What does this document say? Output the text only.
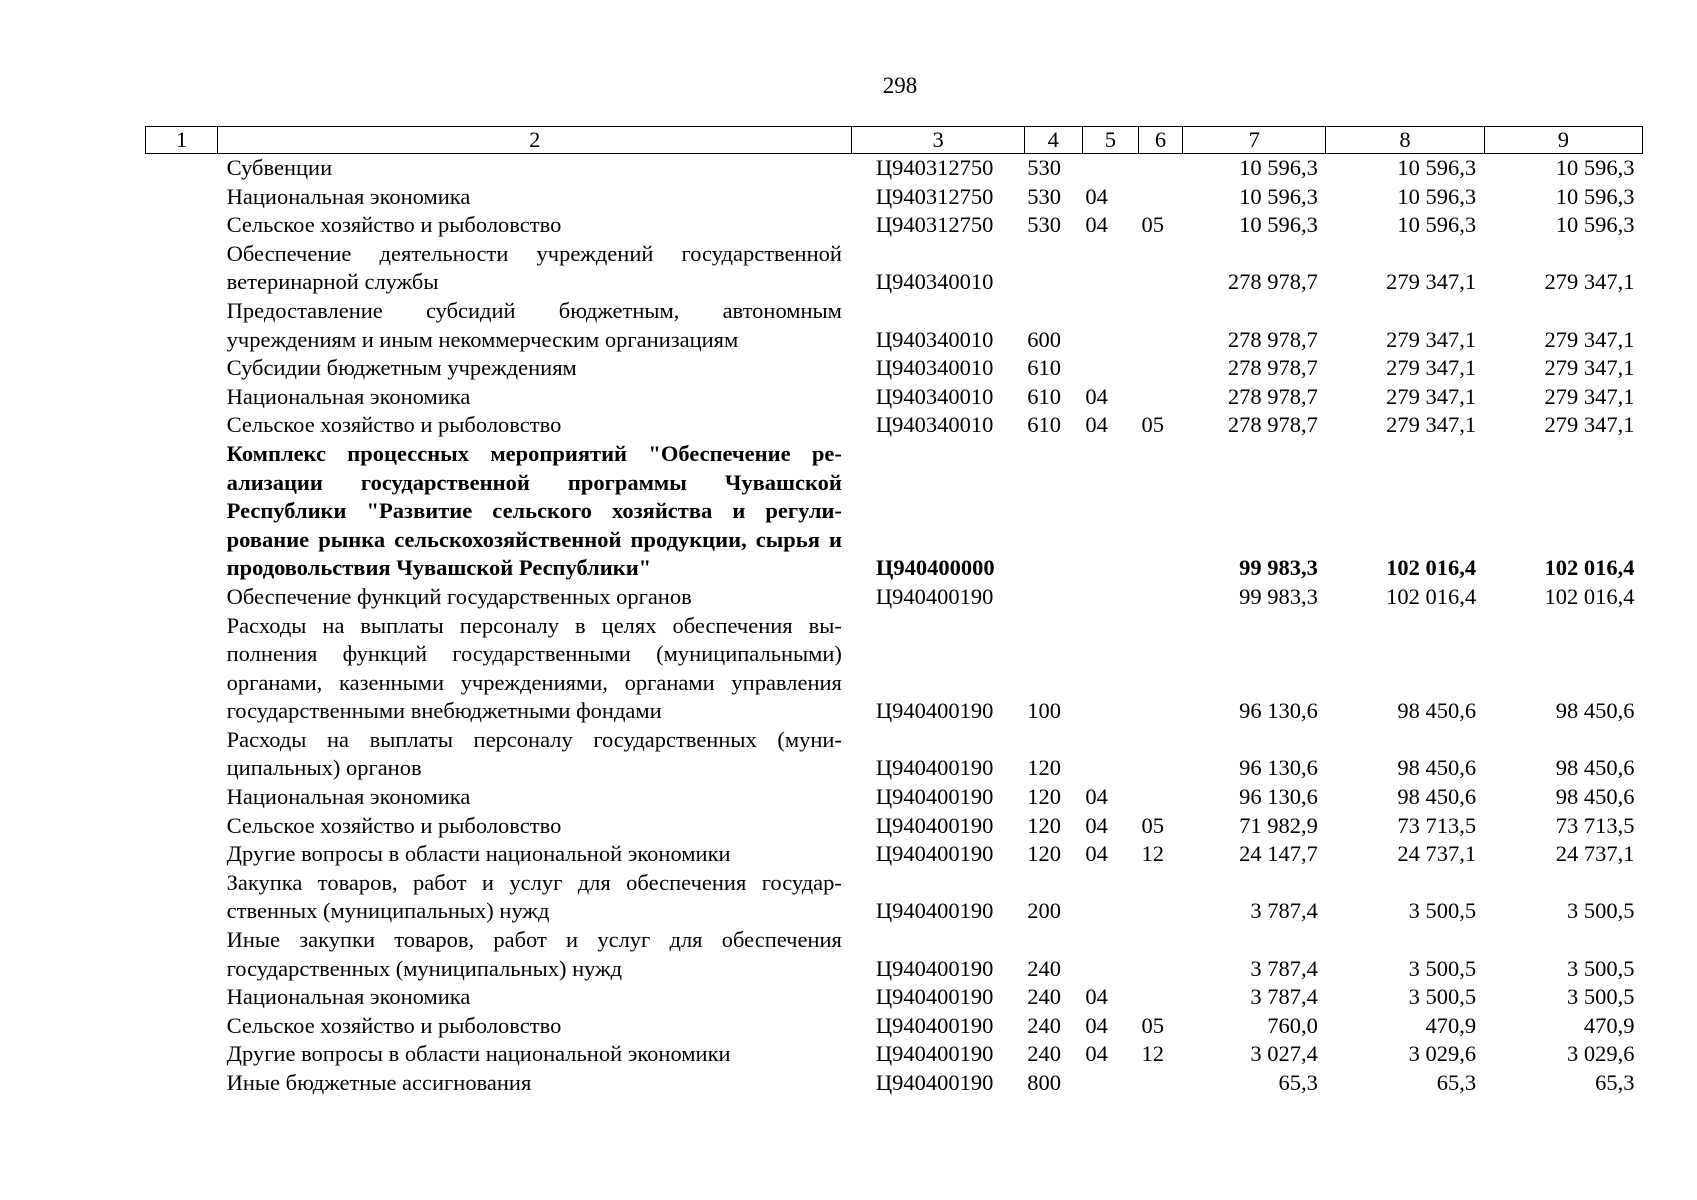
298
1	2	3	4	5	6	7	8	9
	Субвенции	Ц940312750	530			10 596,3	10 596,3	10 596,3
	Национальная экономика	Ц940312750	530	04		10 596,3	10 596,3	10 596,3
	Сельское хозяйство и рыболовство	Ц940312750	530	04	05	10 596,3	10 596,3	10 596,3
	Обеспечение деятельности учреждений государственной ветеринарной службы	Ц940340010				278 978,7	279 347,1	279 347,1
	Предоставление субсидий бюджетным, автономным учреждениям и иным некоммерческим организациям	Ц940340010	600			278 978,7	279 347,1	279 347,1
	Субсидии бюджетным учреждениям	Ц940340010	610			278 978,7	279 347,1	279 347,1
	Национальная экономика	Ц940340010	610	04		278 978,7	279 347,1	279 347,1
	Сельское хозяйство и рыболовство	Ц940340010	610	04	05	278 978,7	279 347,1	279 347,1
	Комплекс процессных мероприятий "Обеспечение реализации государственной программы Чувашской Республики "Развитие сельского хозяйства и регулирование рынка сельскохозяйственной продукции, сырья и продовольствия Чувашской Республики"	Ц940400000				99 983,3	102 016,4	102 016,4
	Обеспечение функций государственных органов	Ц940400190				99 983,3	102 016,4	102 016,4
	Расходы на выплаты персоналу в целях обеспечения выполнения функций государственными (муниципальными) органами, казенными учреждениями, органами управления государственными внебюджетными фондами	Ц940400190	100			96 130,6	98 450,6	98 450,6
	Расходы на выплаты персоналу государственных (муниципальных) органов	Ц940400190	120			96 130,6	98 450,6	98 450,6
	Национальная экономика	Ц940400190	120	04		96 130,6	98 450,6	98 450,6
	Сельское хозяйство и рыболовство	Ц940400190	120	04	05	71 982,9	73 713,5	73 713,5
	Другие вопросы в области национальной экономики	Ц940400190	120	04	12	24 147,7	24 737,1	24 737,1
	Закупка товаров, работ и услуг для обеспечения государственных (муниципальных) нужд	Ц940400190	200			3 787,4	3 500,5	3 500,5
	Иные закупки товаров, работ и услуг для обеспечения государственных (муниципальных) нужд	Ц940400190	240			3 787,4	3 500,5	3 500,5
	Национальная экономика	Ц940400190	240	04		3 787,4	3 500,5	3 500,5
	Сельское хозяйство и рыболовство	Ц940400190	240	04	05	760,0	470,9	470,9
	Другие вопросы в области национальной экономики	Ц940400190	240	04	12	3 027,4	3 029,6	3 029,6
	Иные бюджетные ассигнования	Ц940400190	800			65,3	65,3	65,3
